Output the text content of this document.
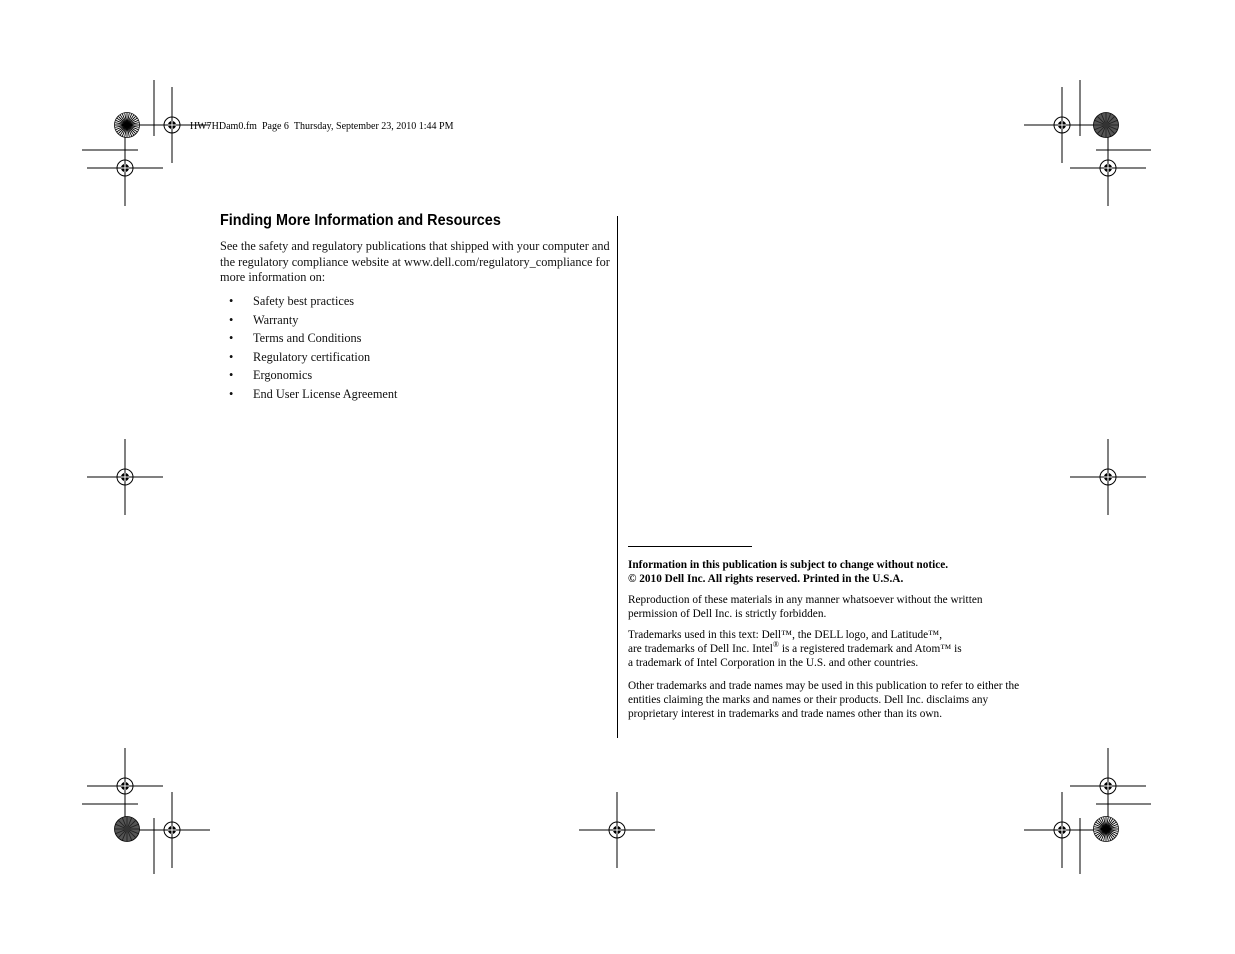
HW7HDam0.fm Page 6 Thursday, September 23, 2010 1:44 PM
Finding More Information and Resources
See the safety and regulatory publications that shipped with your computer and the regulatory compliance website at www.dell.com/regulatory_compliance for more information on:
• Safety best practices
• Warranty
• Terms and Conditions
• Regulatory certification
• Ergonomics
• End User License Agreement
Information in this publication is subject to change without notice.
© 2010 Dell Inc. All rights reserved. Printed in the U.S.A.
Reproduction of these materials in any manner whatsoever without the written permission of Dell Inc. is strictly forbidden.
Trademarks used in this text: Dell™, the DELL logo, and Latitude™,
are trademarks of Dell Inc. Intel® is a registered trademark and Atom™ is
a trademark of Intel Corporation in the U.S. and other countries.
Other trademarks and trade names may be used in this publication to refer to either the entities claiming the marks and names or their products. Dell Inc. disclaims any proprietary interest in trademarks and trade names other than its own.
